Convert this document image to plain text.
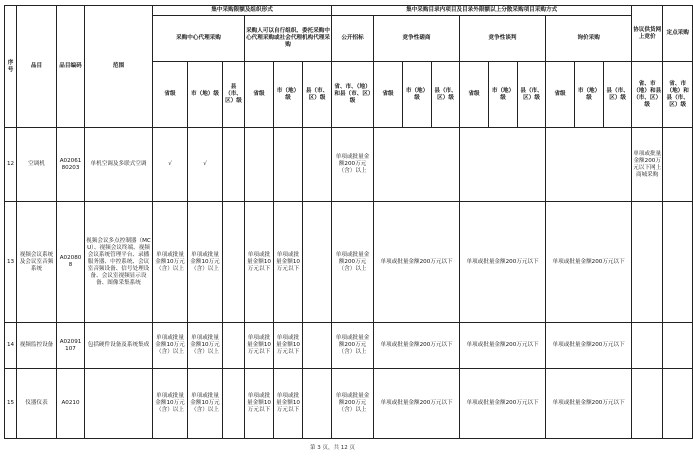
序号	品目	品目编码	范围	集中采购限额及组织形式						集中采购目录内项目及目录外限额以上分散采购项目采购方式										协议供货网上竞价	定点采购
				采购中心代理采购			采购人可以自行组织、委托采购中心代理采购或社会代理机构代理采购			公开招标	竞争性磋商			竞争性谈判			询价采购				
				省级	市（地）级	县（市、区）级	省级	市（地）级	县（市、区）级	省、市、（地）和县（市、区）级	省级	市（地）级	县（市、区）级	省级	市（地）级	县（市、区）级	省级	市（地）级	县（市、区）级	省、市（地）和县（市、区）级	省、市（地）和县（市、区）级
12	空调机	A0206180203	单机空调及多联式空调	√	√					单项或批量金额200万元（含）以上										单项或批量金额200万元以下网上商城采购	
13	视频会议系统及会议室音频系统	A020808	视频会议多点控制器（MCU）、视频会议终端、视频会议系统管理平台、录播服务器、中控系统、会议室音频设备、信号处理设备、会议室视频显示设备、图像采集系统	单项或批量金额10万元（含）以上	单项或批量金额10万元（含）以上		单项或批量金额10万元以下	单项或批量金额10万元以下		单项或批量金额200万元（含）以上	单项或批量金额200万元以下			单项或批量金额200万元以下			单项或批量金额200万元以下				
14	视频监控设备	A02091107	包括硬件设备及系统集成	单项或批量金额10万元（含）以上	单项或批量金额10万元（含）以上		单项或批量金额10万元以下	单项或批量金额10万元以下		单项或批量金额200万元（含）以上	单项或批量金额200万元以下			单项或批量金额200万元以下			单项或批量金额200万元以下				
15	仪器仪表	A0210		单项或批量金额10万元（含）以上	单项或批量金额10万元（含）以上		单项或批量金额10万元以下	单项或批量金额10万元以下		单项或批量金额200万元（含）以上	单项或批量金额200万元以下			单项或批量金额200万元以下			单项或批量金额200万元以下				
第 3 页，共 12 页
